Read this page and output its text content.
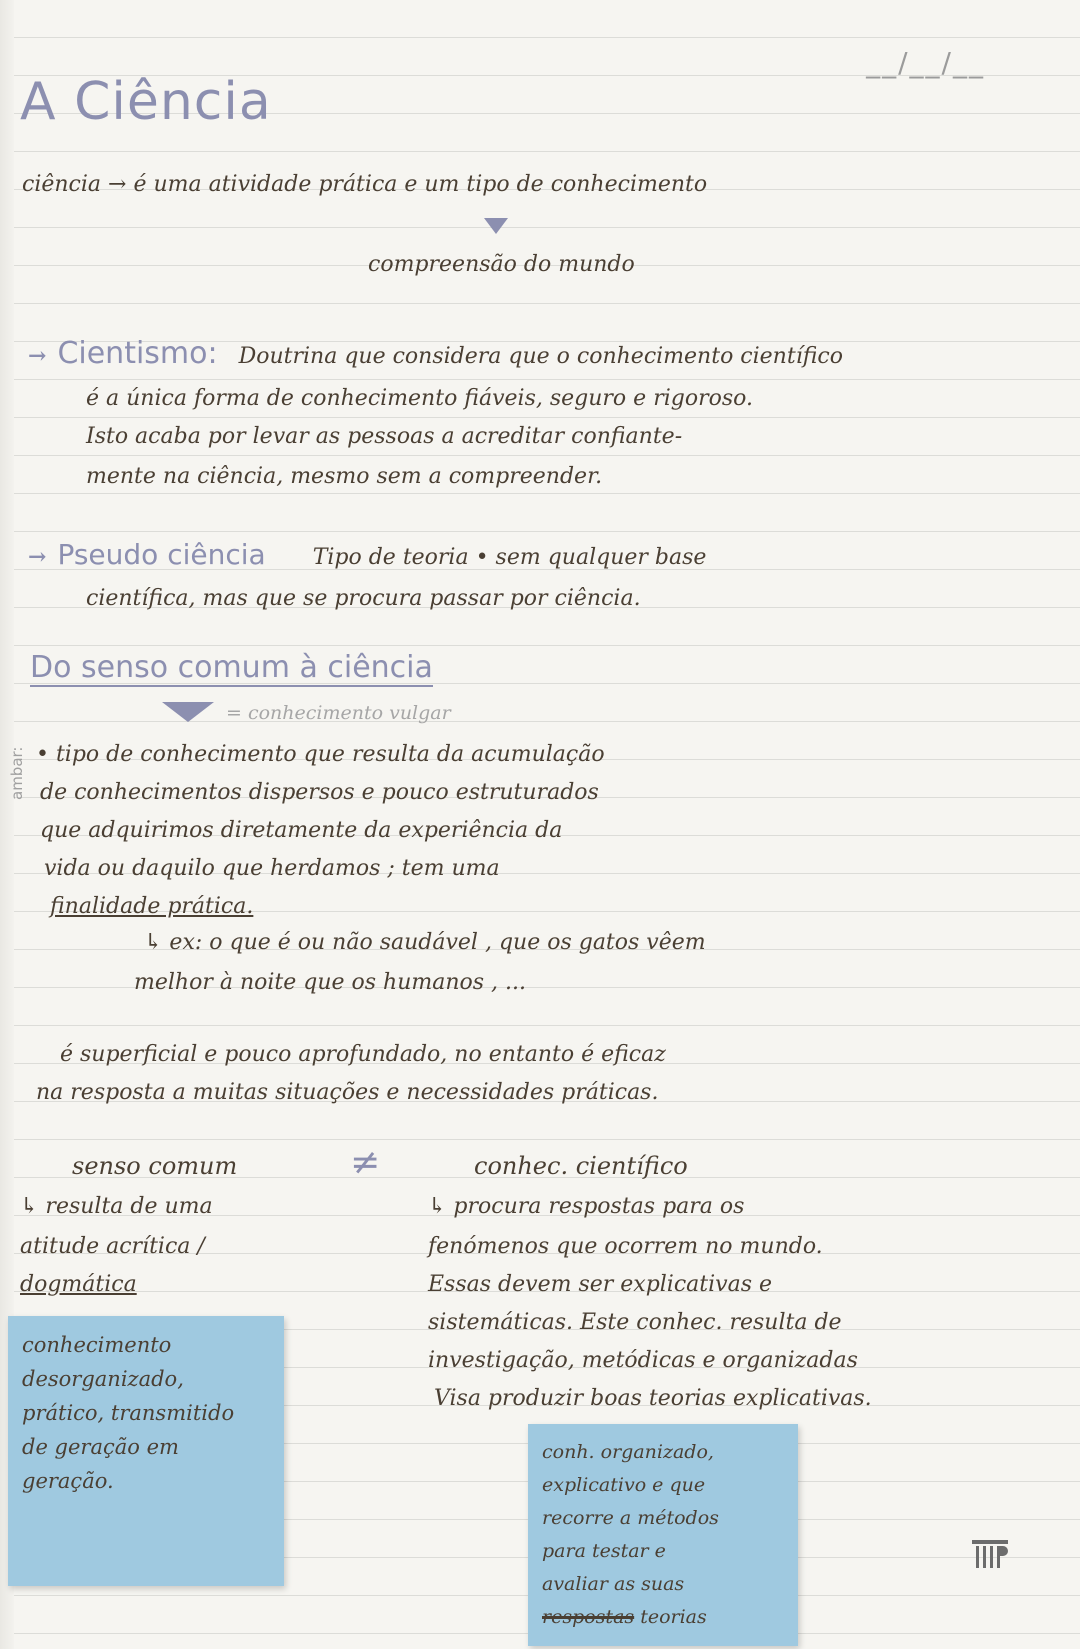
__/__/__
A Ciência
ciência → é uma atividade prática e um tipo de conhecimento
compreensão do mundo
→ Cientismo: Doutrina que considera que o conhecimento científico
é a única forma de conhecimento fiáveis, seguro e rigoroso.
Isto acaba por levar as pessoas a acreditar confiante-
mente na ciência, mesmo sem a compreender.
→ Pseudo ciência Tipo de teoria • sem qualquer base
científica, mas que se procura passar por ciência.
Do senso comum à ciência
= conhecimento vulgar
ambar: • tipo de conhecimento que resulta da acumulação
de conhecimentos dispersos e pouco estruturados
que adquirimos diretamente da experiência da
vida ou daquilo que herdamos ; tem uma
finalidade prática.
↳ ex: o que é ou não saudável , que os gatos vêem
melhor à noite que os humanos , ...
é superficial e pouco aprofundado, no entanto é eficaz
na resposta a muitas situações e necessidades práticas.
senso comum	≠	conhec. científico
↳ resulta de uma
atitude acrítica /
dogmática
↳ procura respostas para os
fenómenos que ocorrem no mundo.
Essas devem ser explicativas e
sistemáticas. Este conhec. resulta de
investigação, metódicas e organizadas
Visa produzir boas teorias explicativas.
conhecimento
desorganizado,
prático, transmitido
de geração em
geração.
conh. organizado,
explicativo e que
recorre a métodos
para testar e
avaliar as suas
respostas teorias
